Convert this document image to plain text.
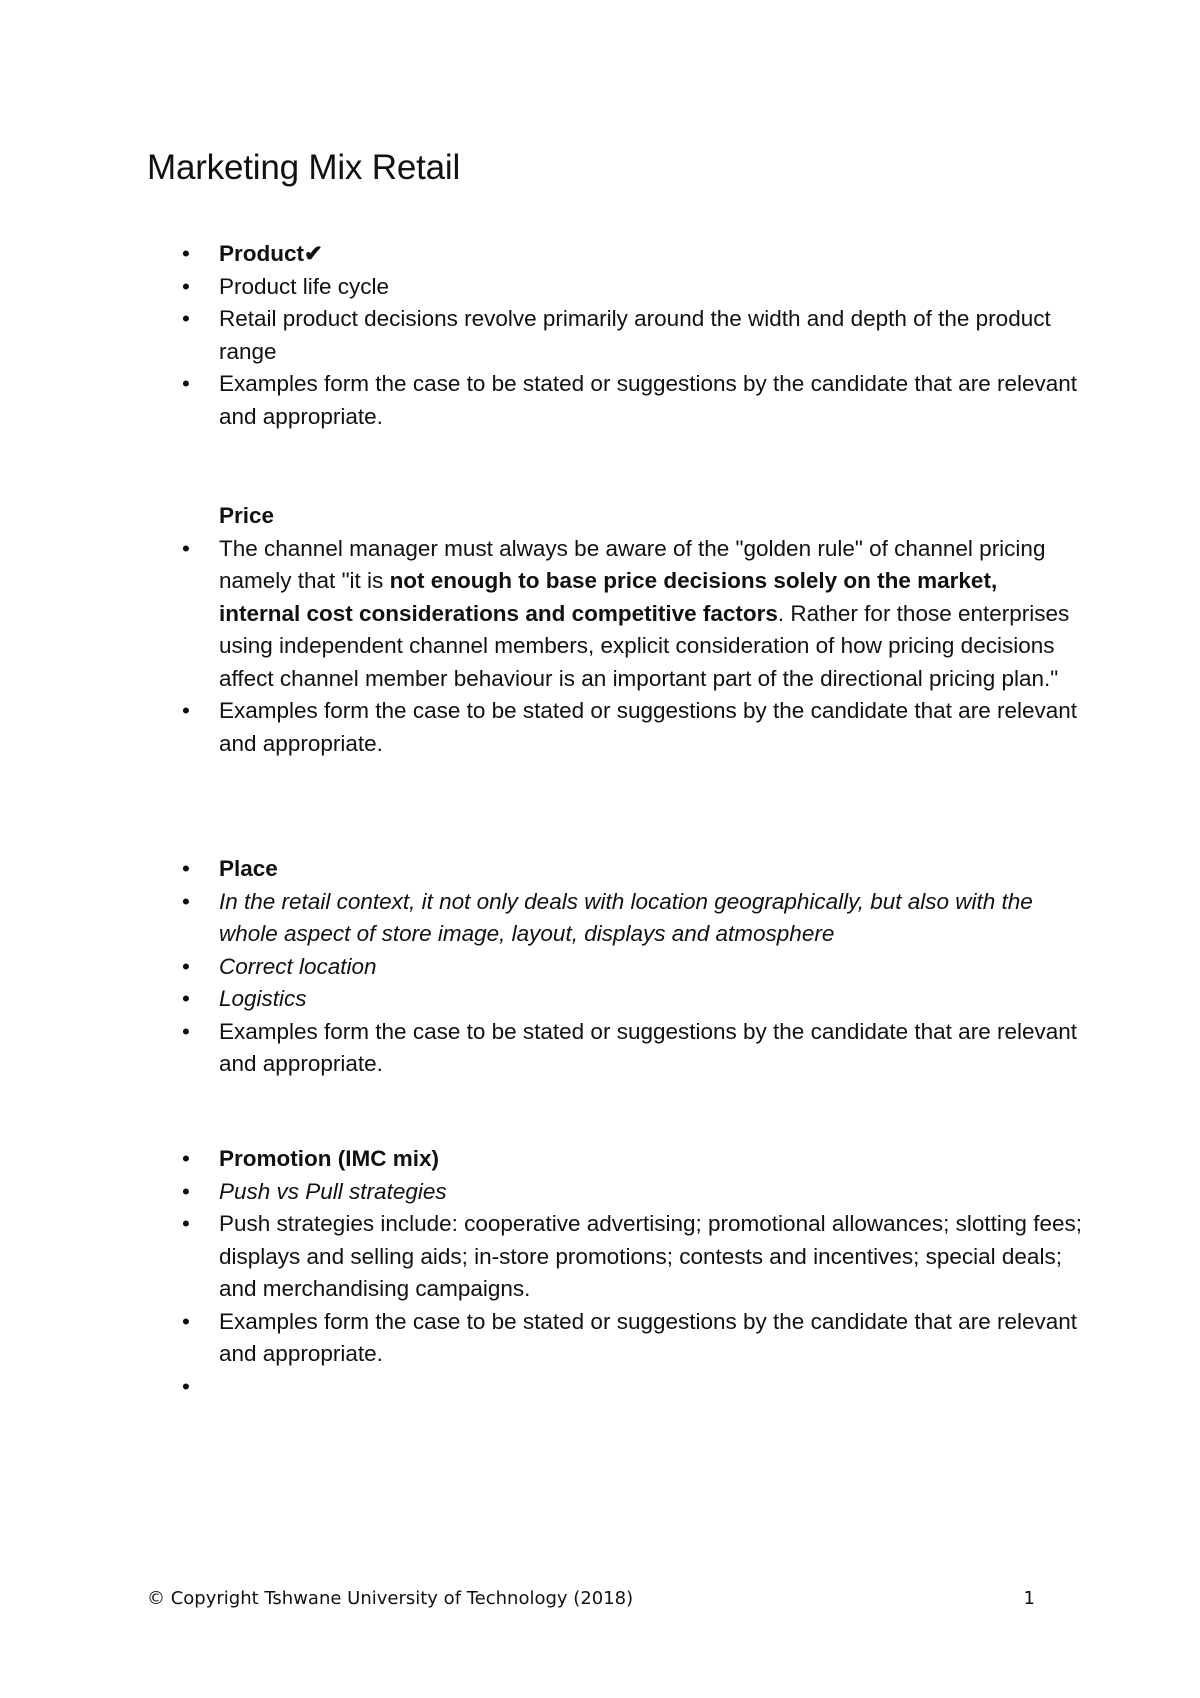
Marketing Mix Retail
•	Product✔
•	Product life cycle
•	Retail product decisions revolve primarily around the width and depth of the product range
•	Examples form the case to be stated or suggestions by the candidate that are relevant and appropriate.
Price
•	The channel manager must always be aware of the "golden rule" of channel pricing namely that "it is not enough to base price decisions solely on the market, internal cost considerations and competitive factors. Rather for those enterprises using independent channel members, explicit consideration of how pricing decisions affect channel member behaviour is an important part of the directional pricing plan."
•	Examples form the case to be stated or suggestions by the candidate that are relevant and appropriate.
•	Place
•	In the retail context, it not only deals with location geographically, but also with the whole aspect of store image, layout, displays and atmosphere
•	Correct location
•	Logistics
•	Examples form the case to be stated or suggestions by the candidate that are relevant and appropriate.
•	Promotion (IMC mix)
•	Push vs Pull strategies
•	Push strategies include: cooperative advertising; promotional allowances; slotting fees; displays and selling aids; in-store promotions; contests and incentives; special deals; and merchandising campaigns.
•	Examples form the case to be stated or suggestions by the candidate that are relevant and appropriate.
•

© Copyright Tshwane University of Technology (2018)	1
